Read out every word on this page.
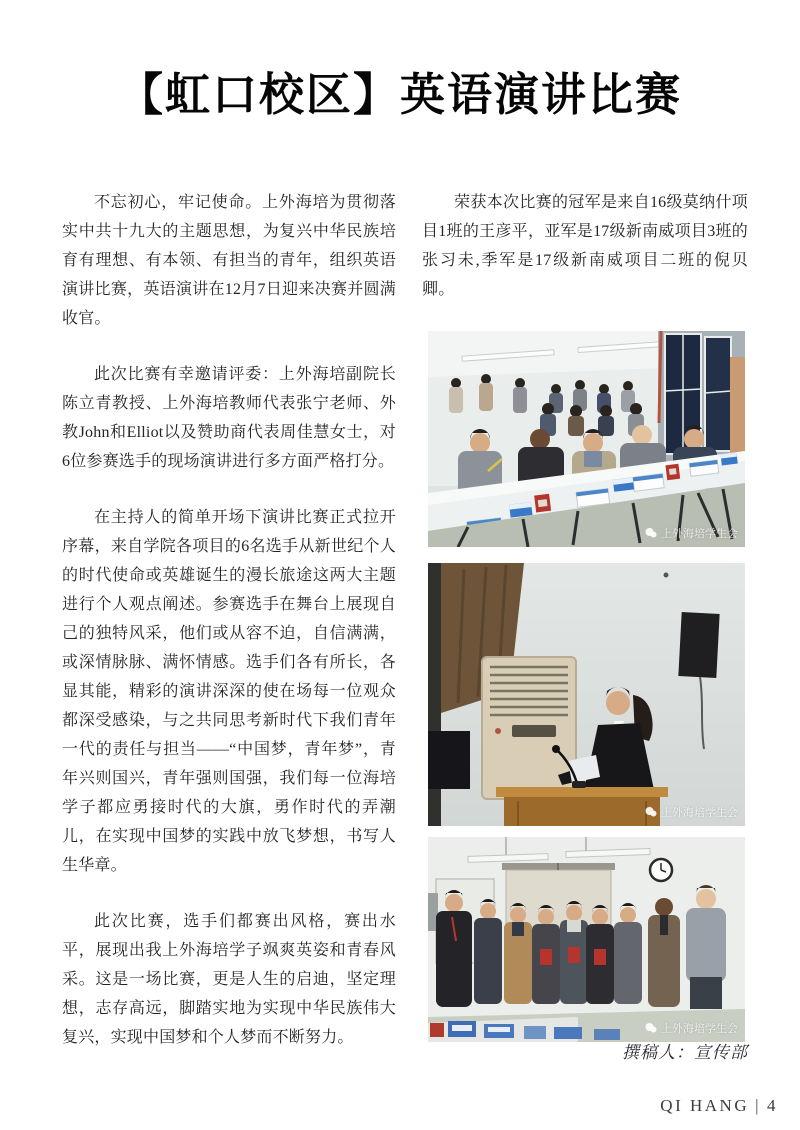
【虹口校区】英语演讲比赛

不忘初心，牢记使命。上外海培为贯彻落实中共十九大的主题思想，为复兴中华民族培育有理想、有本领、有担当的青年，组织英语演讲比赛，英语演讲在12月7日迎来决赛并圆满收官。

此次比赛有幸邀请评委：上外海培副院长陈立青教授、上外海培教师代表张宁老师、外教John和Elliot以及赞助商代表周佳慧女士，对6位参赛选手的现场演讲进行多方面严格打分。

在主持人的简单开场下演讲比赛正式拉开序幕，来自学院各项目的6名选手从新世纪个人的时代使命或英雄诞生的漫长旅途这两大主题进行个人观点阐述。参赛选手在舞台上展现自己的独特风采，他们或从容不迫，自信满满，或深情脉脉、满怀情感。选手们各有所长，各显其能，精彩的演讲深深的使在场每一位观众都深受感染，与之共同思考新时代下我们青年一代的责任与担当——“中国梦，青年梦”，青年兴则国兴，青年强则国强，我们每一位海培学子都应勇接时代的大旗，勇作时代的弄潮儿，在实现中国梦的实践中放飞梦想，书写人生华章。

此次比赛，选手们都赛出风格，赛出水平，展现出我上外海培学子飒爽英姿和青春风采。这是一场比赛，更是人生的启迪，坚定理想，志存高远，脚踏实地为实现中华民族伟大复兴，实现中国梦和个人梦而不断努力。

荣获本次比赛的冠军是来自16级莫纳什项目1班的王彦平，亚军是17级新南威项目3班的张习未,季军是17级新南威项目二班的倪贝卿。

上外海培学生会
上外海培学生会
上外海培学生会
撰稿人：宣传部
QI HANG | 4
